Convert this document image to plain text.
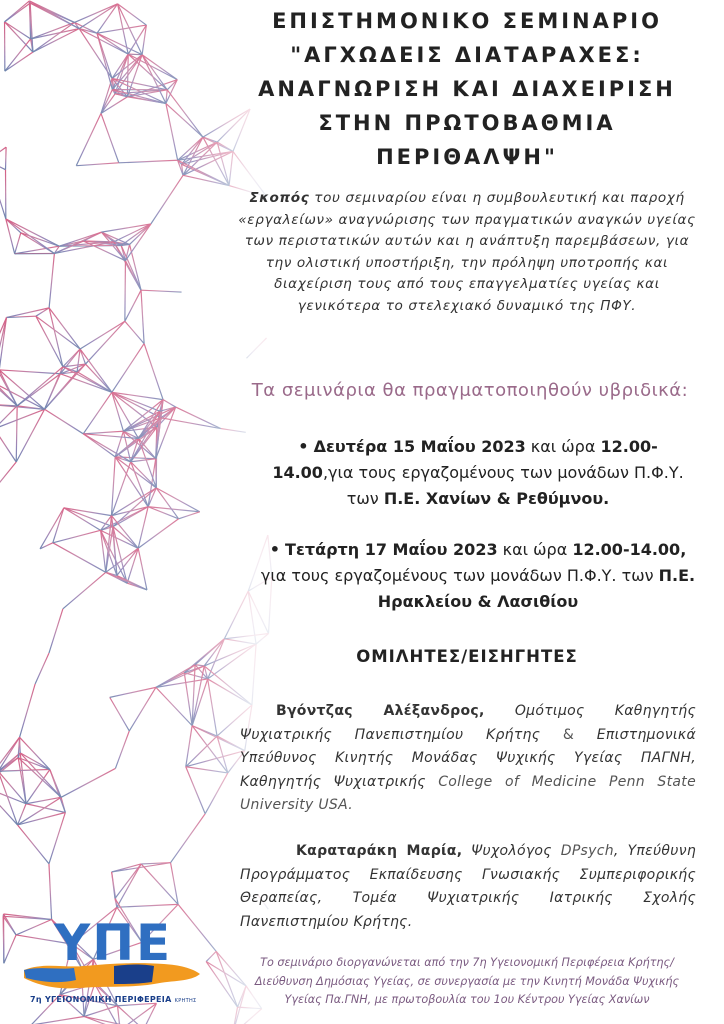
ΕΠΙΣΤΗΜΟΝΙΚΟ ΣΕΜΙΝΑΡΙΟ
"ΑΓΧΩΔΕΙΣ ΔΙΑΤΑΡΑΧΕΣ:
ΑΝΑΓΝΩΡΙΣΗ ΚΑΙ ΔΙΑΧΕΙΡΙΣΗ
ΣΤΗΝ ΠΡΩΤΟΒΑΘΜΙΑ
ΠΕΡΙΘΑΛΨΗ"
Σκοπός του σεμιναρίου είναι η συμβουλευτική και παροχή «εργαλείων» αναγνώρισης των πραγματικών αναγκών υγείας των περιστατικών αυτών και η ανάπτυξη παρεμβάσεων, για την ολιστική υποστήριξη, την πρόληψη υποτροπής και διαχείριση τους από τους επαγγελματίες υγείας και γενικότερα το στελεχιακό δυναμικό της ΠΦΥ.
Τα σεμινάρια θα πραγματοποιηθούν υβριδικά:
• Δευτέρα 15 Μαΐου 2023 και ώρα 12.00-14.00,για τους εργαζομένους των μονάδων Π.Φ.Υ. των Π.Ε. Χανίων & Ρεθύμνου.
• Τετάρτη 17 Μαΐου 2023 και ώρα 12.00-14.00, για τους εργαζομένους των μονάδων Π.Φ.Υ. των Π.Ε. Ηρακλείου & Λασιθίου
ΟΜΙΛΗΤΕΣ/ΕΙΣΗΓΗΤΕΣ
Βγόντζας Αλέξανδρος, Ομότιμος Καθηγητής Ψυχιατρικής Πανεπιστημίου Κρήτης & Επιστημονικά Υπεύθυνος Κινητής Μονάδας Ψυχικής Υγείας ΠΑΓΝΗ, Καθηγητής Ψυχιατρικής College of Medicine Penn State University USA.
Καραταράκη Μαρία, Ψυχολόγος DPsych, Υπεύθυνη Προγράμματος Εκπαίδευσης Γνωσιακής Συμπεριφορικής Θεραπείας, Τομέα Ψυχιατρικής Ιατρικής Σχολής Πανεπιστημίου Κρήτης.
Το σεμινάριο διοργανώνεται από την 7η Υγειονομική Περιφέρεια Κρήτης/Διεύθυνση Δημόσιας Υγείας, σε συνεργασία με την Κινητή Μονάδα Ψυχικής Υγείας Πα.ΓΝΗ, με πρωτοβουλία του 1ου Κέντρου Υγείας Χανίων
ΥΠΕ
7η ΥΓΕΙΟΝΟΜΙΚΗ ΠΕΡΙΦΕΡΕΙΑ ΚΡΗΤΗΣ
